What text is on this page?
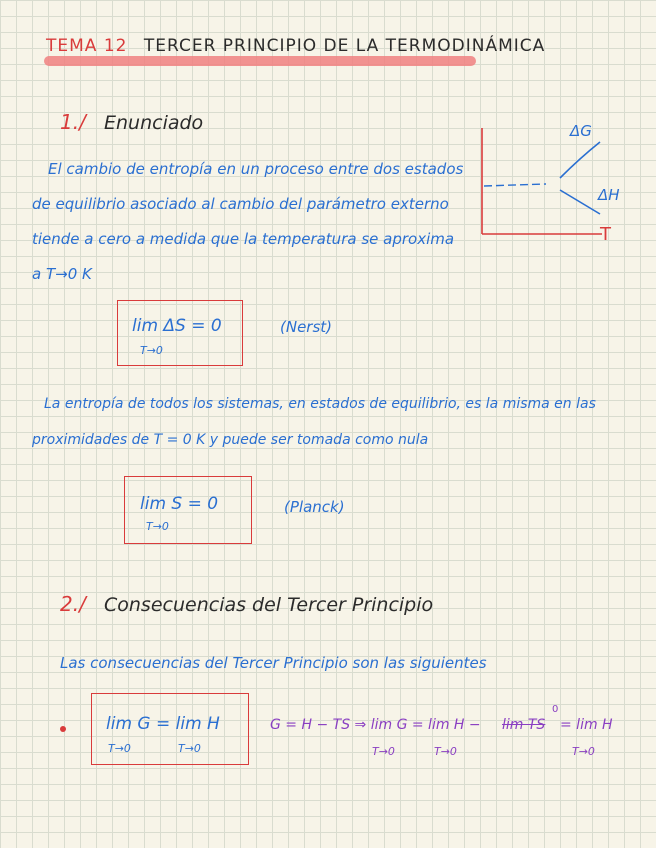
TEMA 12 TERCER PRINCIPIO DE LA TERMODINÁMICA
1./ Enunciado
El cambio de entropía en un proceso entre dos estados
de equilibrio asociado al cambio del parámetro externo
tiende a cero a medida que la temperatura se aproxima
a T→0 K
ΔG
ΔH
T
lim ΔS = 0
T→0
(Nerst)
La entropía de todos los sistemas, en estados de equilibrio, es la misma en las
proximidades de T = 0 K y puede ser tomada como nula
lim S = 0
T→0
(Planck)
2./ Consecuencias del Tercer Principio
Las consecuencias del Tercer Principio son las siguientes
lim G = lim H
T→0	T→0
G = H − TS ⇒ lim G = lim H − lim TS
0
= lim H
T→0	T→0	T→0
